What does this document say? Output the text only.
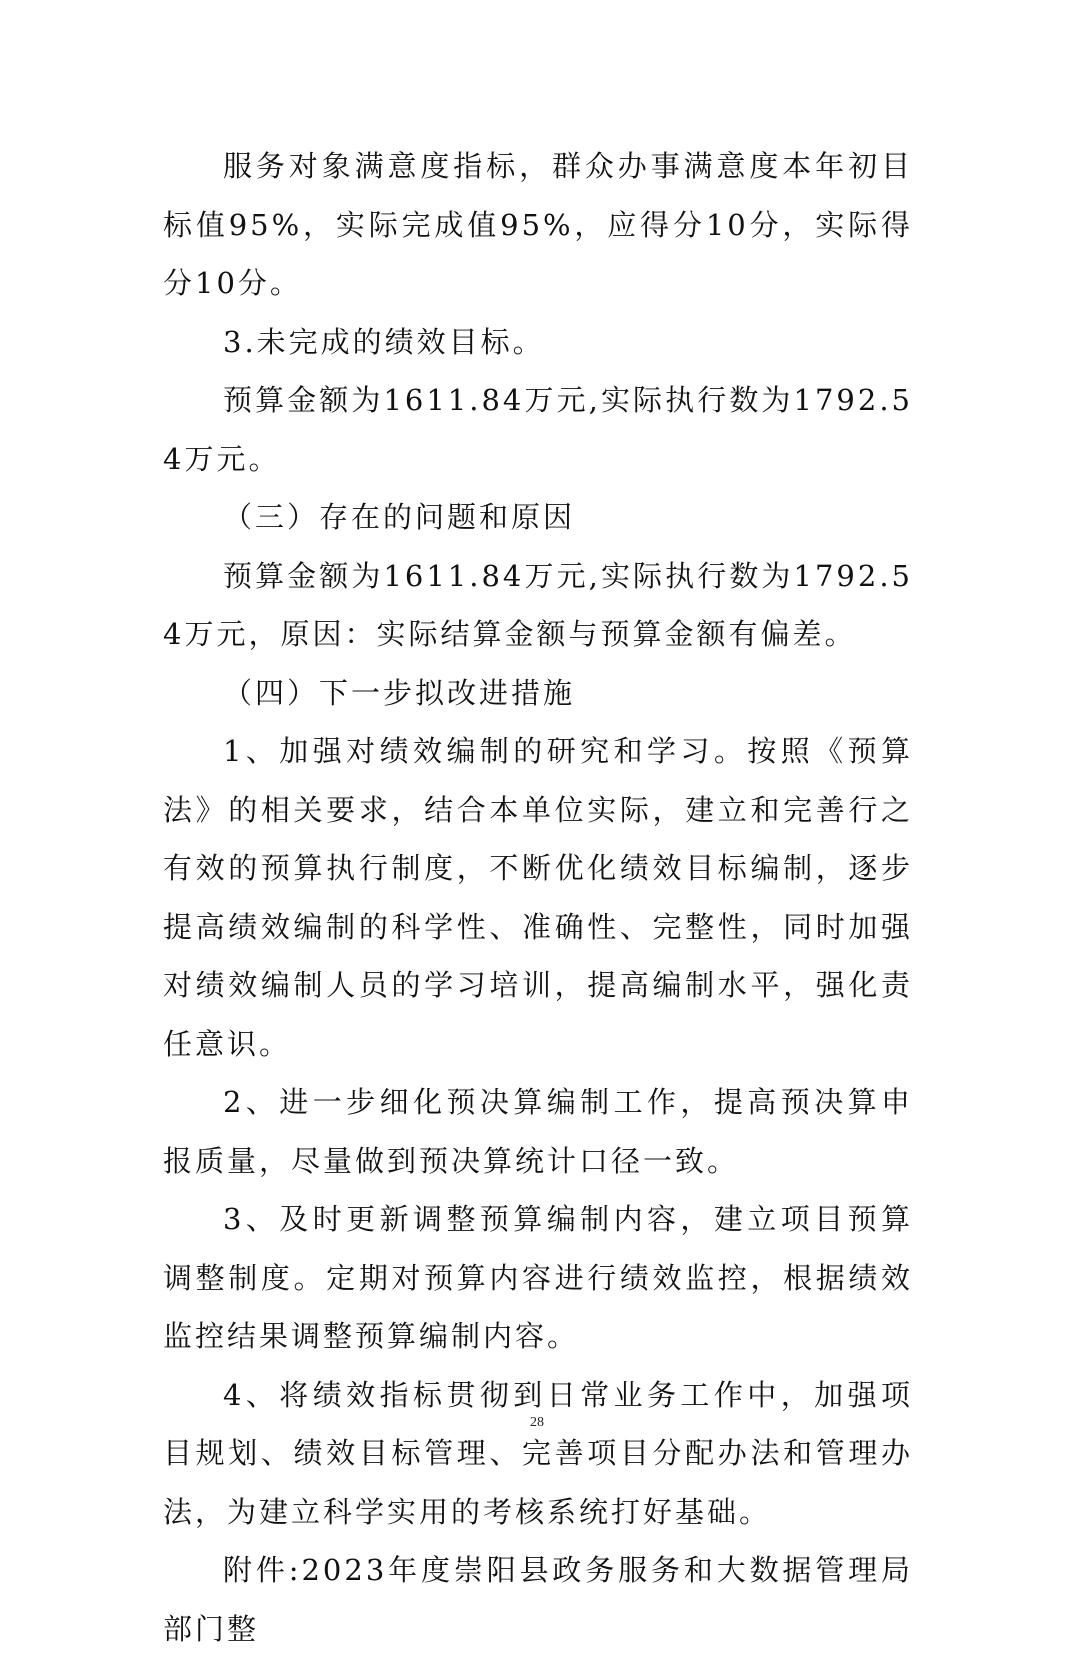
服务对象满意度指标，群众办事满意度本年初目标值95%，实际完成值95%，应得分10分，实际得分10分。

3.未完成的绩效目标。

预算金额为1611.84万元,实际执行数为1792.54万元。

（三）存在的问题和原因

预算金额为1611.84万元,实际执行数为1792.54万元，原因：实际结算金额与预算金额有偏差。

（四）下一步拟改进措施

1、加强对绩效编制的研究和学习。按照《预算法》的相关要求，结合本单位实际，建立和完善行之有效的预算执行制度，不断优化绩效目标编制，逐步提高绩效编制的科学性、准确性、完整性，同时加强对绩效编制人员的学习培训，提高编制水平，强化责任意识。

2、进一步细化预决算编制工作，提高预决算申报质量，尽量做到预决算统计口径一致。

3、及时更新调整预算编制内容，建立项目预算调整制度。定期对预算内容进行绩效监控，根据绩效监控结果调整预算编制内容。

4、将绩效指标贯彻到日常业务工作中，加强项目规划、绩效目标管理、完善项目分配办法和管理办法，为建立科学实用的考核系统打好基础。

附件:2023年度崇阳县政务服务和大数据管理局部门整

28
